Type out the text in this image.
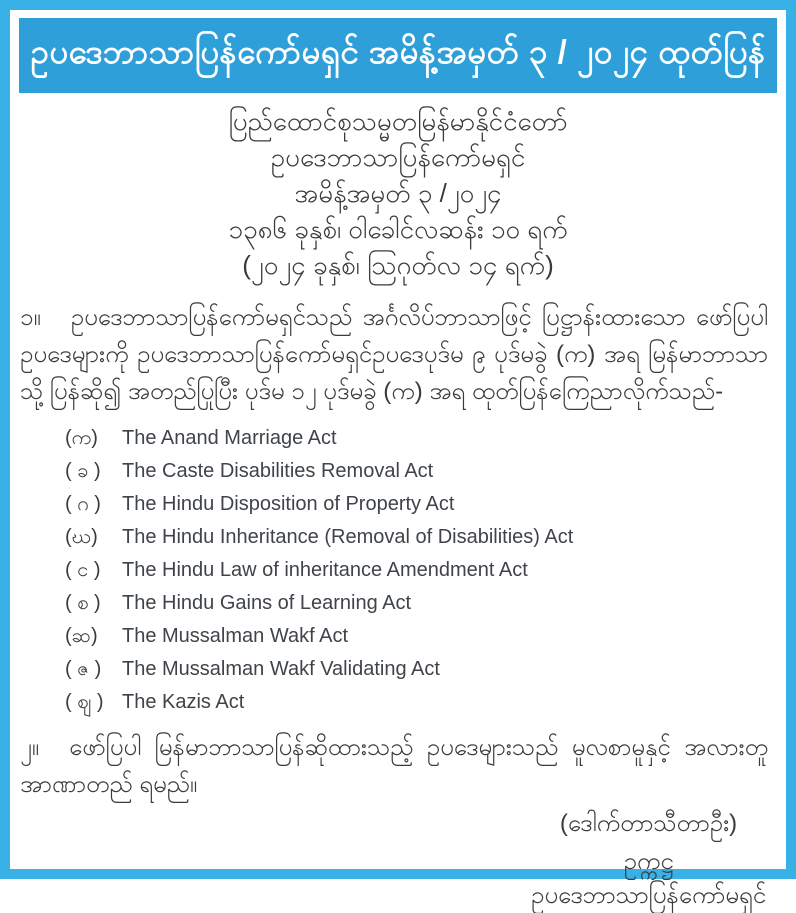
ဥပဒေဘာသာပြန်ကော်မရှင် အမိန့်အမှတ် ၃ / ၂၀၂၄ ထုတ်ပြန်
ပြည်ထောင်စုသမ္မတမြန်မာနိုင်ငံတော်
ဥပဒေဘာသာပြန်ကော်မရှင်
အမိန့်အမှတ် ၃ /၂၀၂၄
၁၃၈၆ ခုနှစ်၊ ဝါခေါင်လဆန်း ၁၀ ရက်
(၂၀၂၄ ခုနှစ်၊ သြဂုတ်လ ၁၄ ရက်)
၁။ ဥပဒေဘာသာပြန်ကော်မရှင်သည် အင်္ဂလိပ်ဘာသာဖြင့် ပြဋ္ဌာန်းထားသော ဖော်ပြပါ ဥပဒေများကို ဥပဒေဘာသာပြန်ကော်မရှင်ဥပဒေပုဒ်မ ၉ ပုဒ်မခွဲ (က) အရ မြန်မာဘာသာသို့ ပြန်ဆို၍ အတည်ပြုပြီး ပုဒ်မ ၁၂ ပုဒ်မခွဲ (က) အရ ထုတ်ပြန်ကြေညာလိုက်သည်-
(က)	The Anand Marriage Act
( ခ )	The Caste Disabilities Removal Act
( ဂ )	The Hindu Disposition of Property Act
(ဃ)	The Hindu Inheritance (Removal of Disabilities) Act
( င )	The Hindu Law of inheritance Amendment Act
( စ )	The Hindu Gains of Learning Act
(ဆ)	The Mussalman Wakf Act
( ဇ )	The Mussalman Wakf Validating Act
( ဈ ) The Kazis Act
၂။ ဖော်ပြပါ မြန်မာဘာသာပြန်ဆိုထားသည့် ဥပဒေများသည် မူလစာမူနှင့် အလားတူ အာဏာတည် ရမည်။
(ဒေါက်တာသီတာဦး)
ဥက္ကဋ္ဌ
ဥပဒေဘာသာပြန်ကော်မရှင်
